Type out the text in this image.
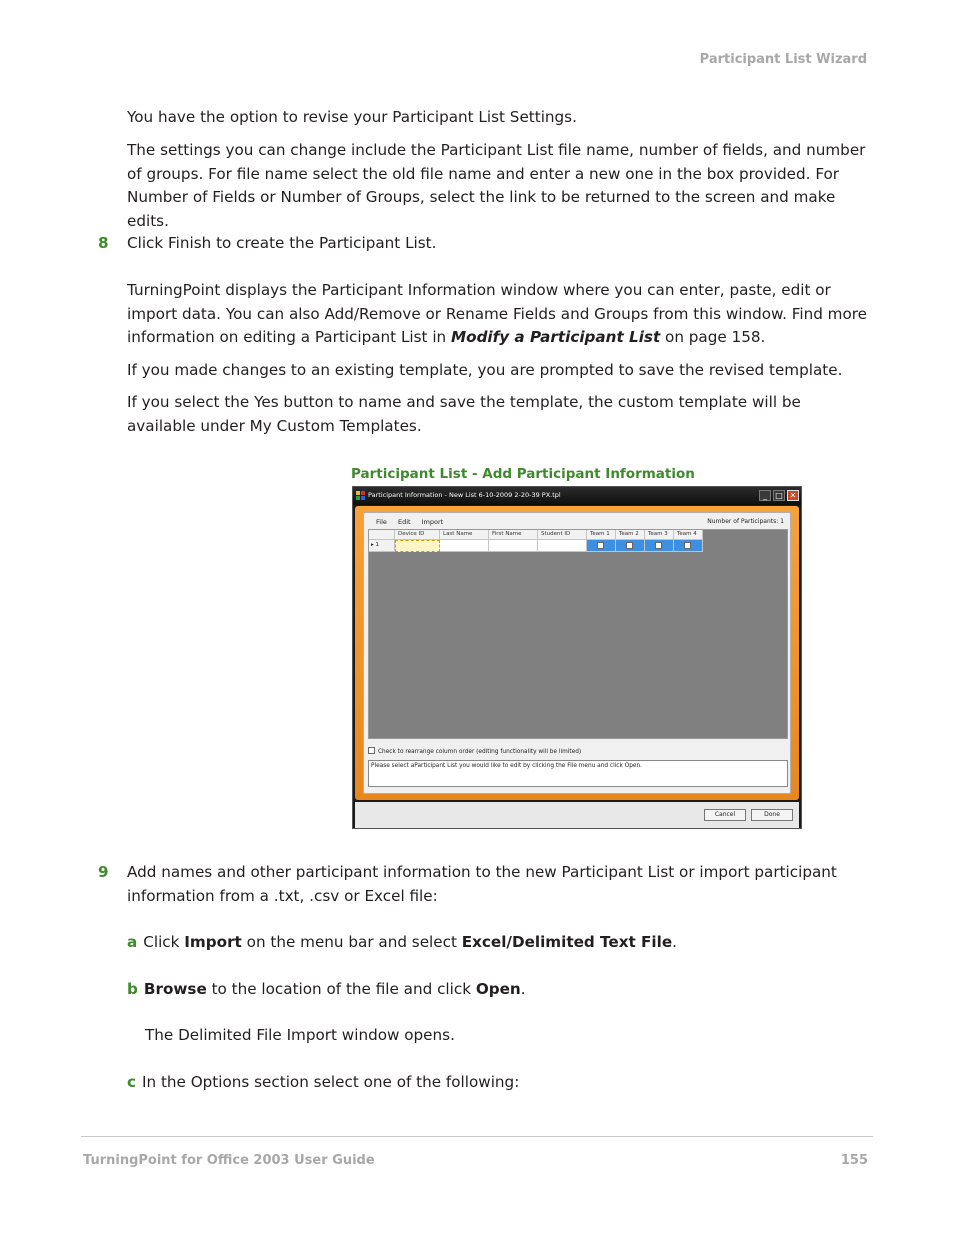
Participant List Wizard

You have the option to revise your Participant List Settings.

The settings you can change include the Participant List file name, number of fields, and number of groups. For file name select the old file name and enter a new one in the box provided. For Number of Fields or Number of Groups, select the link to be returned to the screen and make edits.

8 Click Finish to create the Participant List.

TurningPoint displays the Participant Information window where you can enter, paste, edit or import data. You can also Add/Remove or Rename Fields and Groups from this window. Find more information on editing a Participant List in Modify a Participant List on page 158.

If you made changes to an existing template, you are prompted to save the revised template.

If you select the Yes button to name and save the template, the custom template will be available under My Custom Templates.

Participant List - Add Participant Information
Participant Information - New List 6-10-2009 2-20-39 PX.tpl	_	□ ✕
File Edit Import	Number of Participants: 1
Device ID	Last Name	First Name	Student ID	Team 1	Team 2	Team 3	Team 4
▸ 1
Check to rearrange column order (editing functionality will be limited)
Please select aParticipant List you would like to edit by clicking the File menu and click Open.
Cancel	Done
9 Add names and other participant information to the new Participant List or import participant information from a .txt, .csv or Excel file:

a Click Import on the menu bar and select Excel/Delimited Text File.

b Browse to the location of the file and click Open.

The Delimited File Import window opens.

c In the Options section select one of the following:

TurningPoint for Office 2003 User Guide	155
